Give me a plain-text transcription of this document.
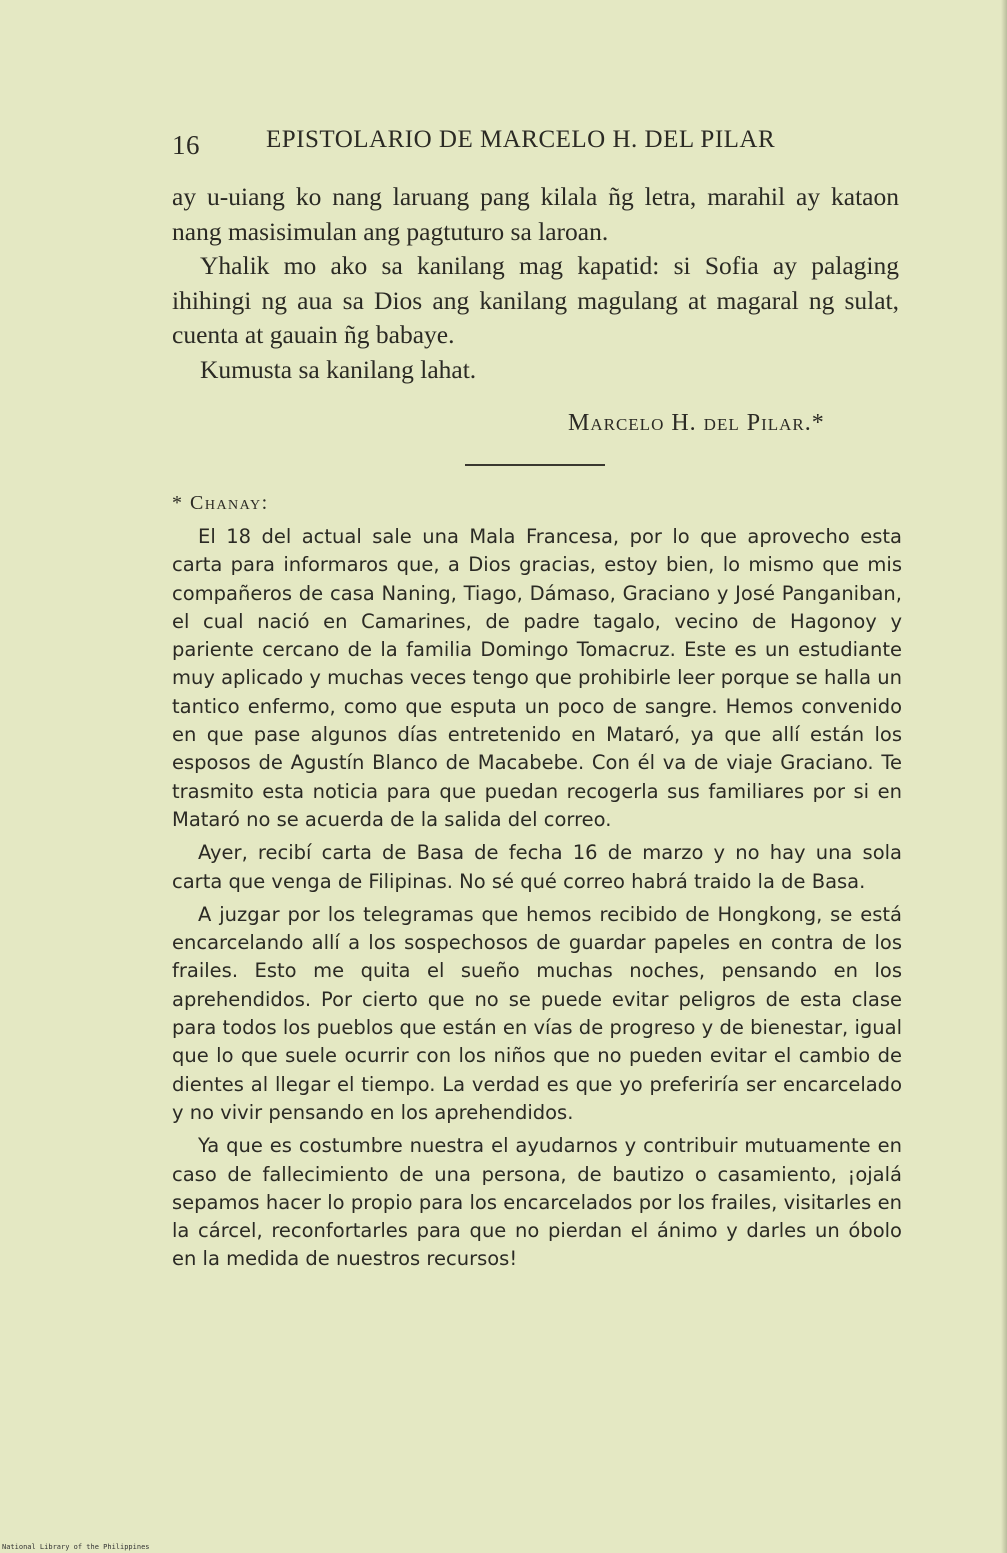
16	EPISTOLARIO DE MARCELO H. DEL PILAR

ay u-uiang ko nang laruang pang kilala ñg letra, marahil ay kataon nang masisimulan ang pagtuturo sa laroan.

Yhalik mo ako sa kanilang mag kapatid: si Sofia ay palaging ihihingi ng aua sa Dios ang kanilang magulang at magaral ng sulat, cuenta at gauain ñg babaye.

Kumusta sa kanilang lahat.

Marcelo H. del Pilar.*
* Chanay:

El 18 del actual sale una Mala Francesa, por lo que aprovecho esta carta para informaros que, a Dios gracias, estoy bien, lo mismo que mis compañeros de casa Naning, Tiago, Dámaso, Graciano y José Panganiban, el cual nació en Camarines, de padre tagalo, vecino de Hagonoy y pariente cercano de la familia Domingo Tomacruz. Este es un estudiante muy aplicado y muchas veces tengo que prohibirle leer porque se halla un tantico enfermo, como que esputa un poco de sangre. Hemos convenido en que pase algunos días entretenido en Mataró, ya que allí están los esposos de Agustín Blanco de Macabebe. Con él va de viaje Graciano. Te trasmito esta noticia para que puedan recogerla sus familiares por si en Mataró no se acuerda de la salida del correo.

Ayer, recibí carta de Basa de fecha 16 de marzo y no hay una sola carta que venga de Filipinas. No sé qué correo habrá traido la de Basa.

A juzgar por los telegramas que hemos recibido de Hongkong, se está encarcelando allí a los sospechosos de guardar papeles en contra de los frailes. Esto me quita el sueño muchas noches, pensando en los aprehendidos. Por cierto que no se puede evitar peligros de esta clase para todos los pueblos que están en vías de progreso y de bienestar, igual que lo que suele ocurrir con los niños que no pueden evitar el cambio de dientes al llegar el tiempo. La verdad es que yo preferiría ser encarcelado y no vivir pensando en los aprehendidos.

Ya que es costumbre nuestra el ayudarnos y contribuir mutuamente en caso de fallecimiento de una persona, de bautizo o casamiento, ¡ojalá sepamos hacer lo propio para los encarcelados por los frailes, visitarles en la cárcel, reconfortarles para que no pierdan el ánimo y darles un óbolo en la medida de nuestros recursos!

National Library of the Philippines
